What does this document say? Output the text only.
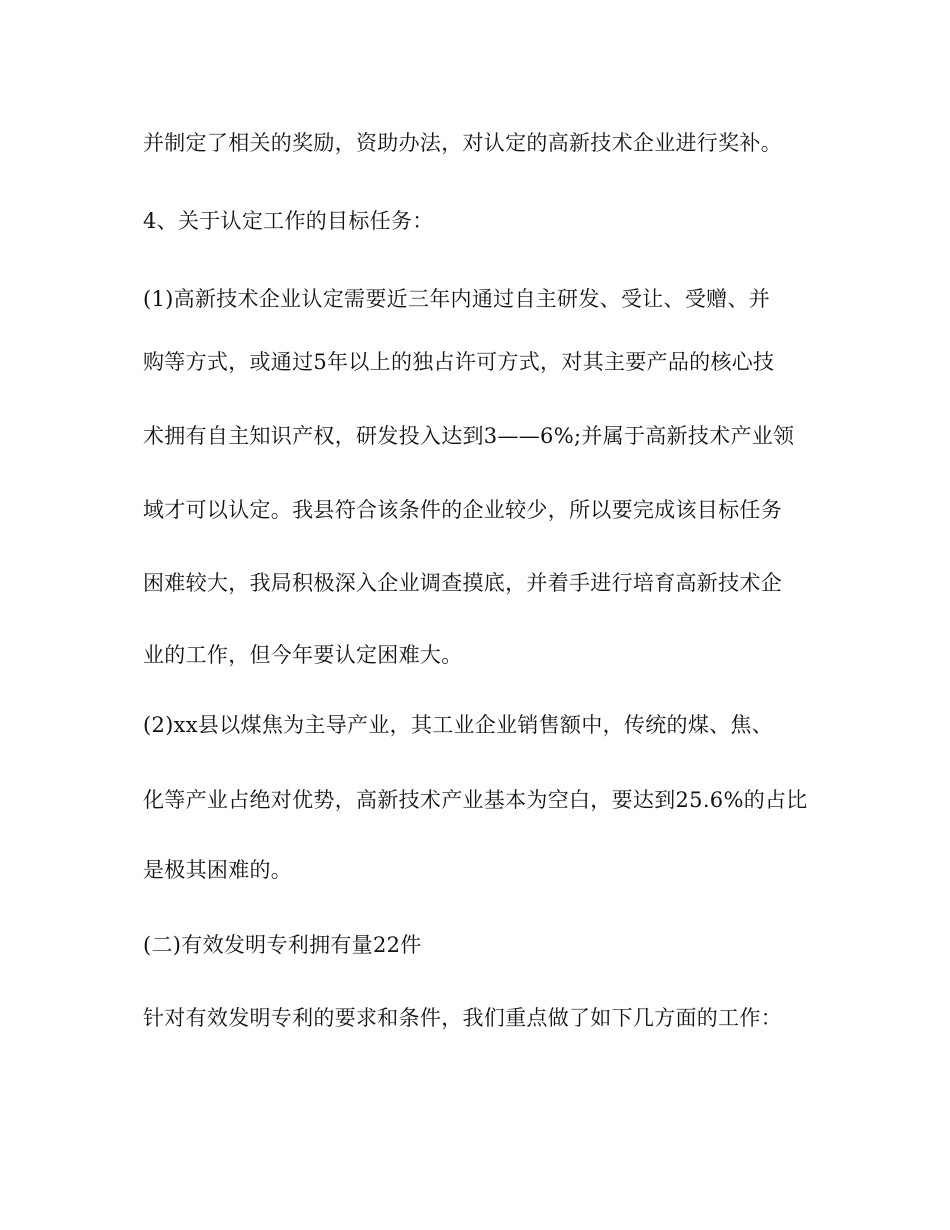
并制定了相关的奖励，资助办法，对认定的高新技术企业进行奖补。
4、关于认定工作的目标任务：
(1)高新技术企业认定需要近三年内通过自主研发、受让、受赠、并
购等方式，或通过5年以上的独占许可方式，对其主要产品的核心技
术拥有自主知识产权，研发投入达到3——6%;并属于高新技术产业领
域才可以认定。我县符合该条件的企业较少，所以要完成该目标任务
困难较大，我局积极深入企业调查摸底，并着手进行培育高新技术企
业的工作，但今年要认定困难大。
(2)xx县以煤焦为主导产业，其工业企业销售额中，传统的煤、焦、
化等产业占绝对优势，高新技术产业基本为空白，要达到25.6%的占比
是极其困难的。
(二)有效发明专利拥有量22件
针对有效发明专利的要求和条件，我们重点做了如下几方面的工作：
